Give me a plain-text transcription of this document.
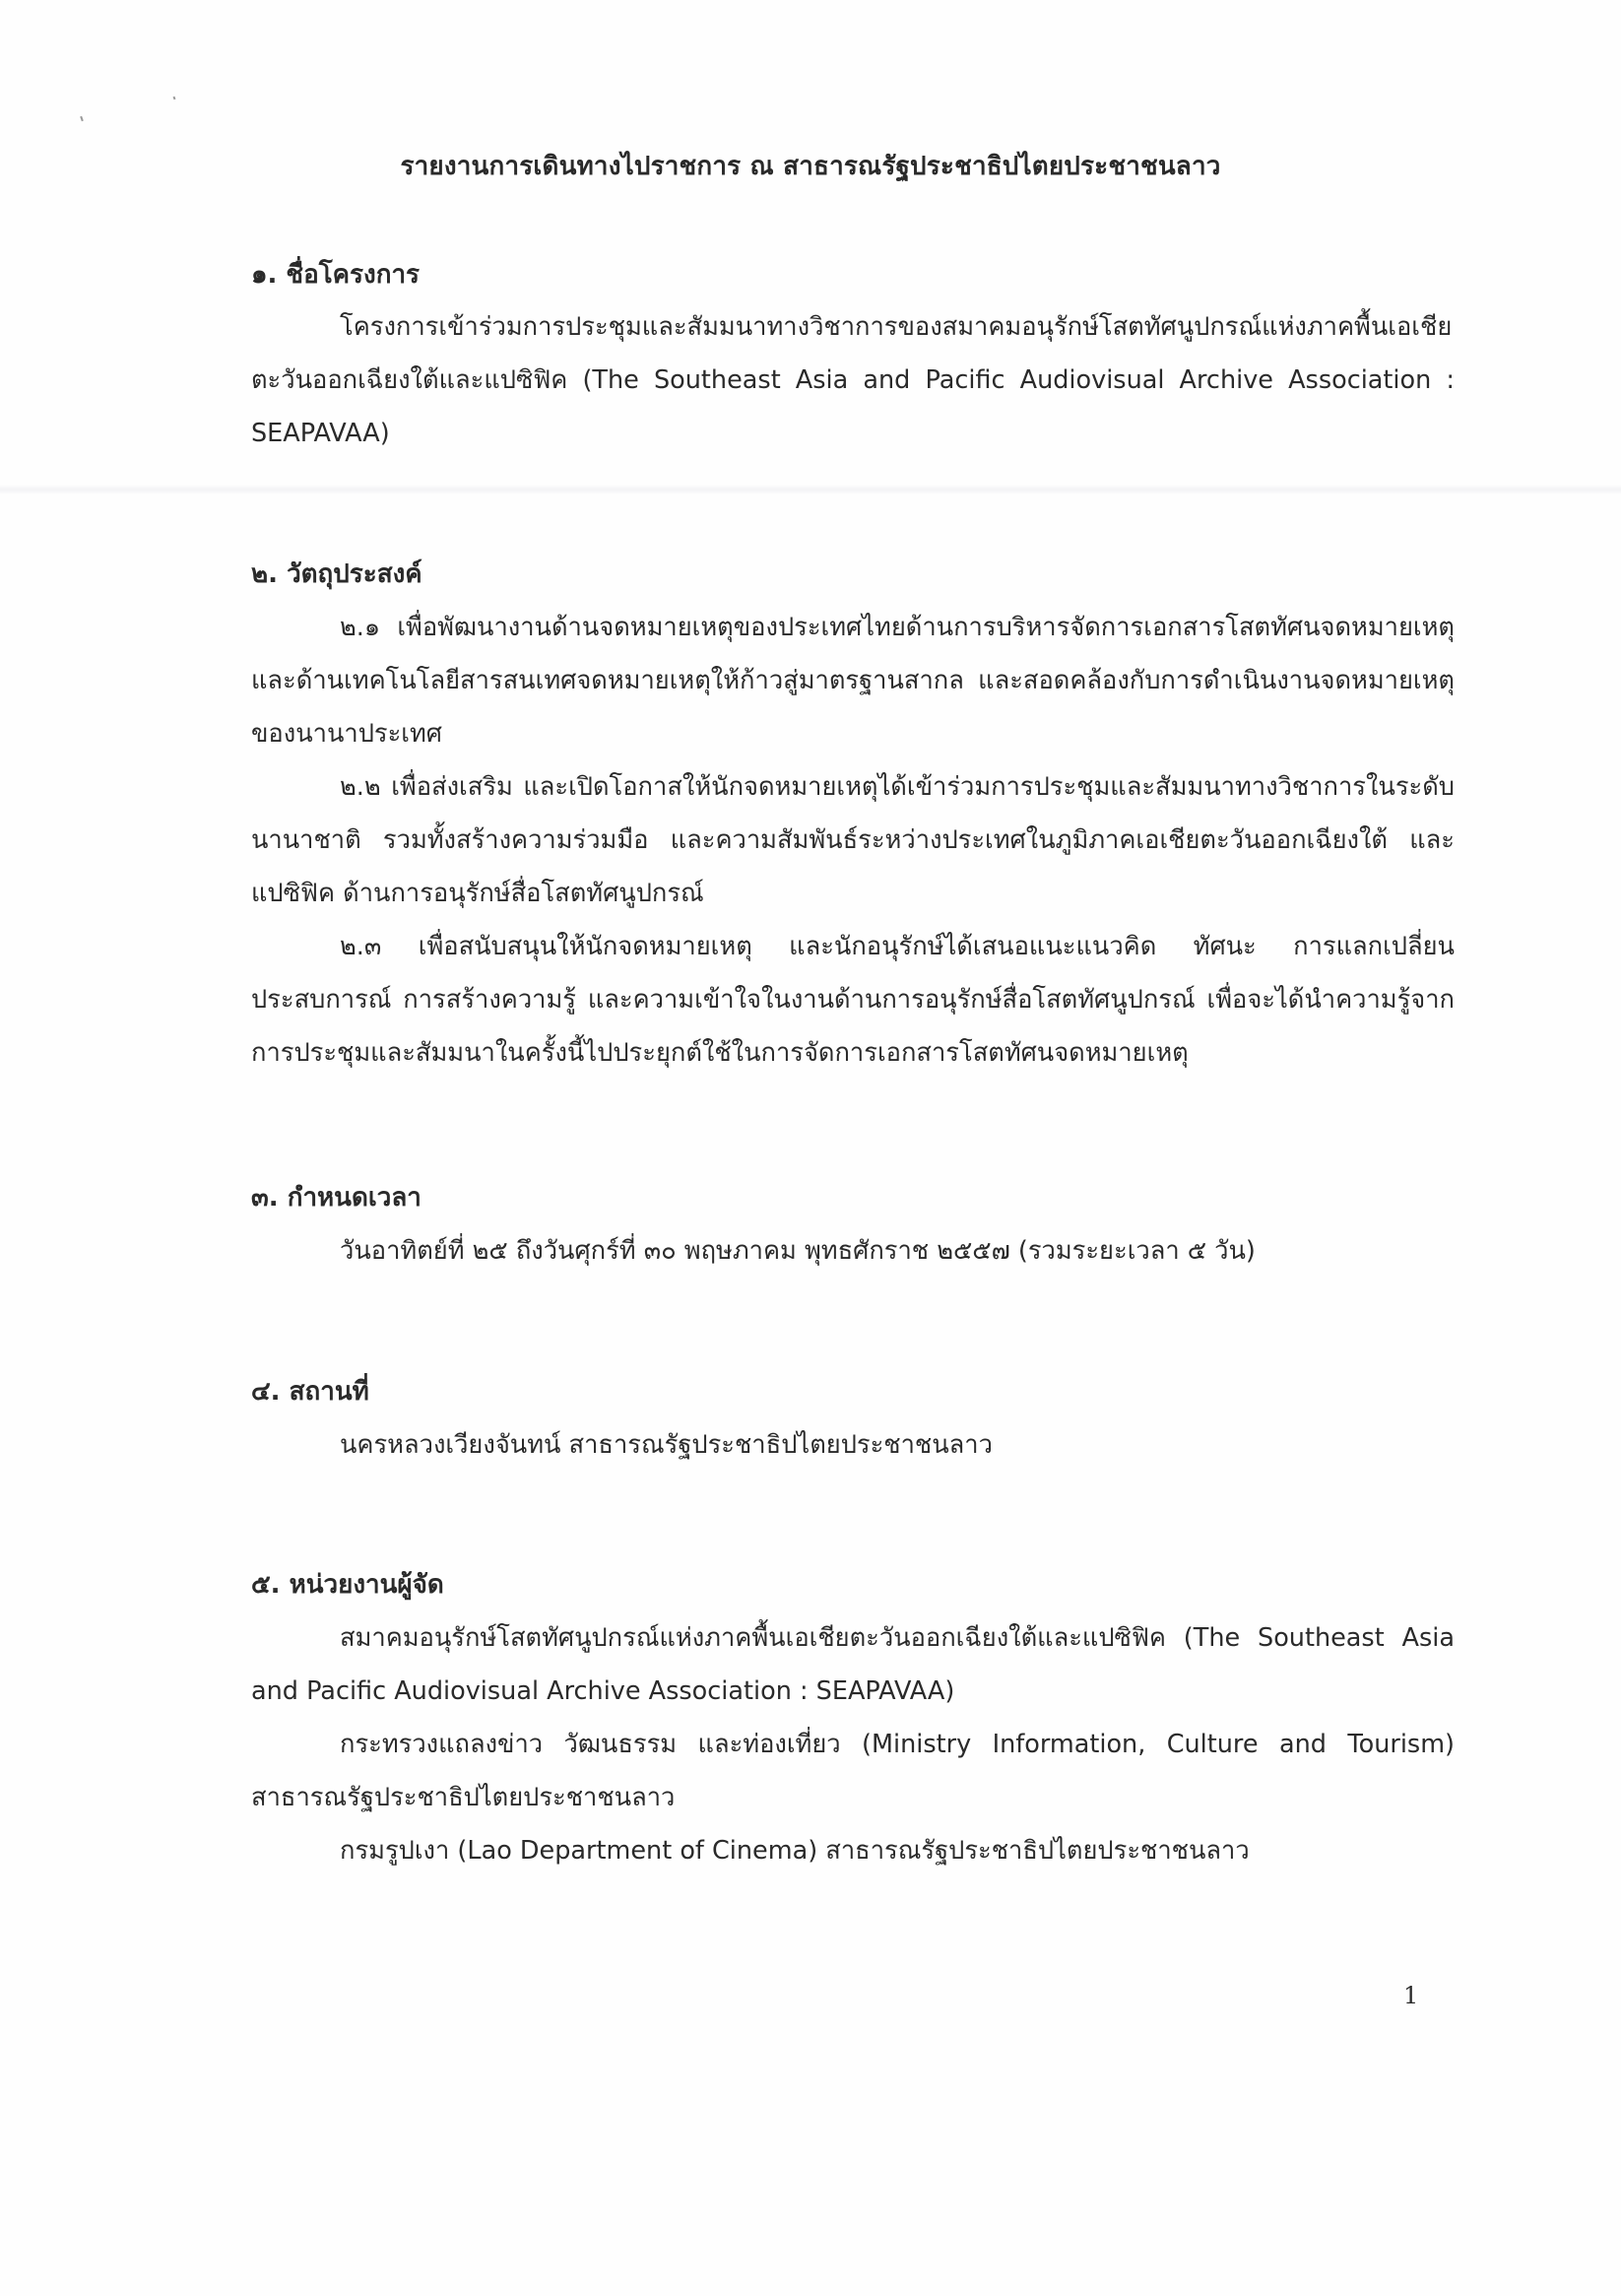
รายงานการเดินทางไปราชการ ณ สาธารณรัฐประชาธิปไตยประชาชนลาว
๑. ชื่อโครงการ

โครงการเข้าร่วมการประชุมและสัมมนาทางวิชาการของสมาคมอนุรักษ์โสตทัศนูปกรณ์แห่งภาคพื้นเอเชียตะวันออกเฉียงใต้และแปซิฟิค (The Southeast Asia and Pacific Audiovisual Archive Association : SEAPAVAA)

๒. วัตถุประสงค์

๒.๑ เพื่อพัฒนางานด้านจดหมายเหตุของประเทศไทยด้านการบริหารจัดการเอกสารโสตทัศนจดหมายเหตุ และด้านเทคโนโลยีสารสนเทศจดหมายเหตุให้ก้าวสู่มาตรฐานสากล และสอดคล้องกับการดำเนินงานจดหมายเหตุของนานาประเทศ

๒.๒ เพื่อส่งเสริม และเปิดโอกาสให้นักจดหมายเหตุได้เข้าร่วมการประชุมและสัมมนาทางวิชาการในระดับนานาชาติ รวมทั้งสร้างความร่วมมือ และความสัมพันธ์ระหว่างประเทศในภูมิภาคเอเชียตะวันออกเฉียงใต้ และแปซิฟิค ด้านการอนุรักษ์สื่อโสตทัศนูปกรณ์

๒.๓ เพื่อสนับสนุนให้นักจดหมายเหตุ และนักอนุรักษ์ได้เสนอแนะแนวคิด ทัศนะ การแลกเปลี่ยนประสบการณ์ การสร้างความรู้ และความเข้าใจในงานด้านการอนุรักษ์สื่อโสตทัศนูปกรณ์ เพื่อจะได้นำความรู้จากการประชุมและสัมมนาในครั้งนี้ไปประยุกต์ใช้ในการจัดการเอกสารโสตทัศนจดหมายเหตุ

๓. กำหนดเวลา

วันอาทิตย์ที่ ๒๕ ถึงวันศุกร์ที่ ๓๐ พฤษภาคม พุทธศักราช ๒๕๕๗ (รวมระยะเวลา ๕ วัน)

๔. สถานที่

นครหลวงเวียงจันทน์ สาธารณรัฐประชาธิปไตยประชาชนลาว

๕. หน่วยงานผู้จัด

สมาคมอนุรักษ์โสตทัศนูปกรณ์แห่งภาคพื้นเอเชียตะวันออกเฉียงใต้และแปซิฟิค (The Southeast Asia and Pacific Audiovisual Archive Association : SEAPAVAA)

กระทรวงแถลงข่าว วัฒนธรรม และท่องเที่ยว (Ministry Information, Culture and Tourism) สาธารณรัฐประชาธิปไตยประชาชนลาว

กรมรูปเงา (Lao Department of Cinema) สาธารณรัฐประชาธิปไตยประชาชนลาว

1
